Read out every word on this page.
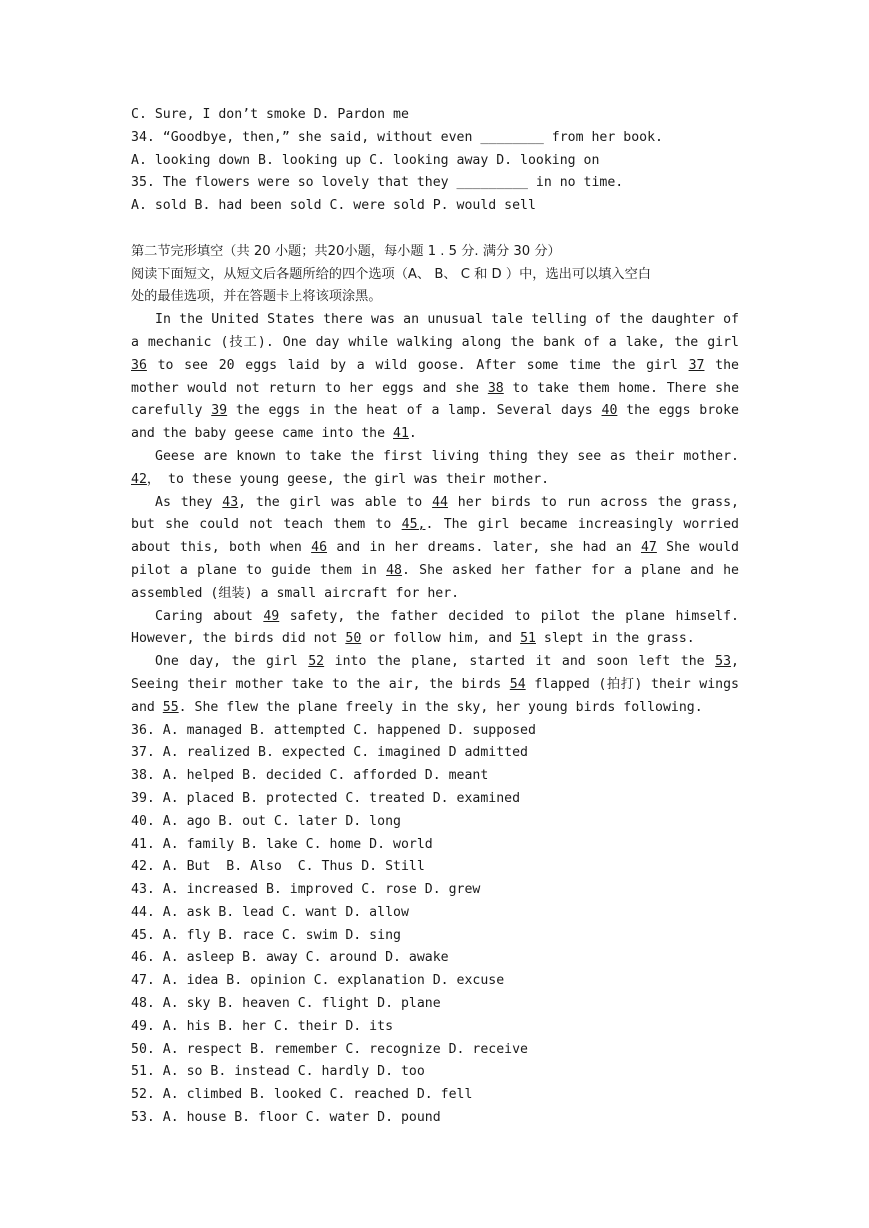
C. Sure, I don’t smoke D. Pardon me
34. “Goodbye, then,” she said, without even ________ from her book.
A. looking down B. looking up C. looking away D. looking on
35. The flowers were so lovely that they _________ in no time.
A. sold B. had been sold C. were sold P. would sell
第二节完形填空（共 20 小题；共20小题，每小题 1 . 5 分. 满分 30 分）
阅读下面短文，从短文后各题所给的四个选项（A、 B、 C 和 D ）中，选出可以填入空白
处的最佳选项，并在答题卡上将该项涂黑。
In the United States there was an unusual tale telling of the daughter of a mechanic (技工). One day while walking along the bank of a lake, the girl 36 to see 20 eggs laid by a wild goose. After some time the girl 37 the mother would not return to her eggs and she 38 to take them home. There she carefully 39 the eggs in the heat of a lamp. Several days 40 the eggs broke and the baby geese came into the 41.
Geese are known to take the first living thing they see as their mother. 42， to these young geese, the girl was their mother.
As they 43, the girl was able to 44 her birds to run across the grass, but she could not teach them to 45,. The girl became increasingly worried about this, both when 46 and in her dreams. later, she had an 47 She would pilot a plane to guide them in 48. She asked her father for a plane and he assembled (组装) a small aircraft for her.
Caring about 49 safety, the father decided to pilot the plane himself. However, the birds did not 50 or follow him, and 51 slept in the grass.
One day, the girl 52 into the plane, started it and soon left the 53, Seeing their mother take to the air, the birds 54 flapped (拍打) their wings and 55. She flew the plane freely in the sky, her young birds following.
36. A. managed B. attempted C. happened D. supposed
37. A. realized B. expected C. imagined D admitted
38. A. helped B. decided C. afforded D. meant
39. A. placed B. protected C. treated D. examined
40. A. ago B. out C. later D. long
41. A. family B. lake C. home D. world
42. A. But  B. Also  C. Thus D. Still
43. A. increased B. improved C. rose D. grew
44. A. ask B. lead C. want D. allow
45. A. fly B. race C. swim D. sing
46. A. asleep B. away C. around D. awake
47. A. idea B. opinion C. explanation D. excuse
48. A. sky B. heaven C. flight D. plane
49. A. his B. her C. their D. its
50. A. respect B. remember C. recognize D. receive
51. A. so B. instead C. hardly D. too
52. A. climbed B. looked C. reached D. fell
53. A. house B. floor C. water D. pound
